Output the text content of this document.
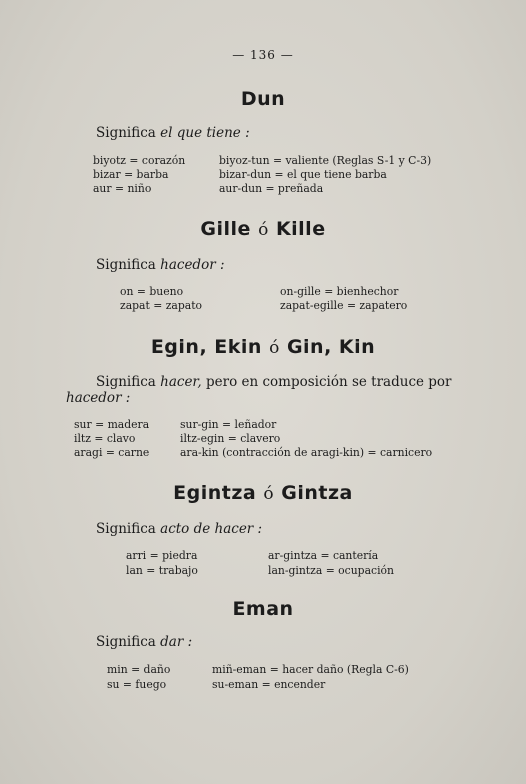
— 136 —
Dun
Significa el que tiene :
biyotz = corazón	biyoz-tun = valiente (Reglas S-1 y C-3)
bizar = barba	bizar-dun = el que tiene barba
aur = niño	aur-dun = preñada
Gille ó Kille
Significa hacedor :
on = bueno	on-gille = bienhechor
zapat = zapato	zapat-egille = zapatero
Egin, Ekin ó Gin, Kin
Significa hacer, pero en composición se traduce por
hacedor :
sur = madera	sur-gin = leñador
iltz = clavo	iltz-egin = clavero
aragi = carne	ara-kin (contracción de aragi-kin) = carnicero
Egintza ó Gintza
Significa acto de hacer :
arri = piedra	ar-gintza = cantería
lan = trabajo	lan-gintza = ocupación
Eman
Significa dar :
min = daño	miñ-eman = hacer daño (Regla C-6)
su = fuego	su-eman = encender
